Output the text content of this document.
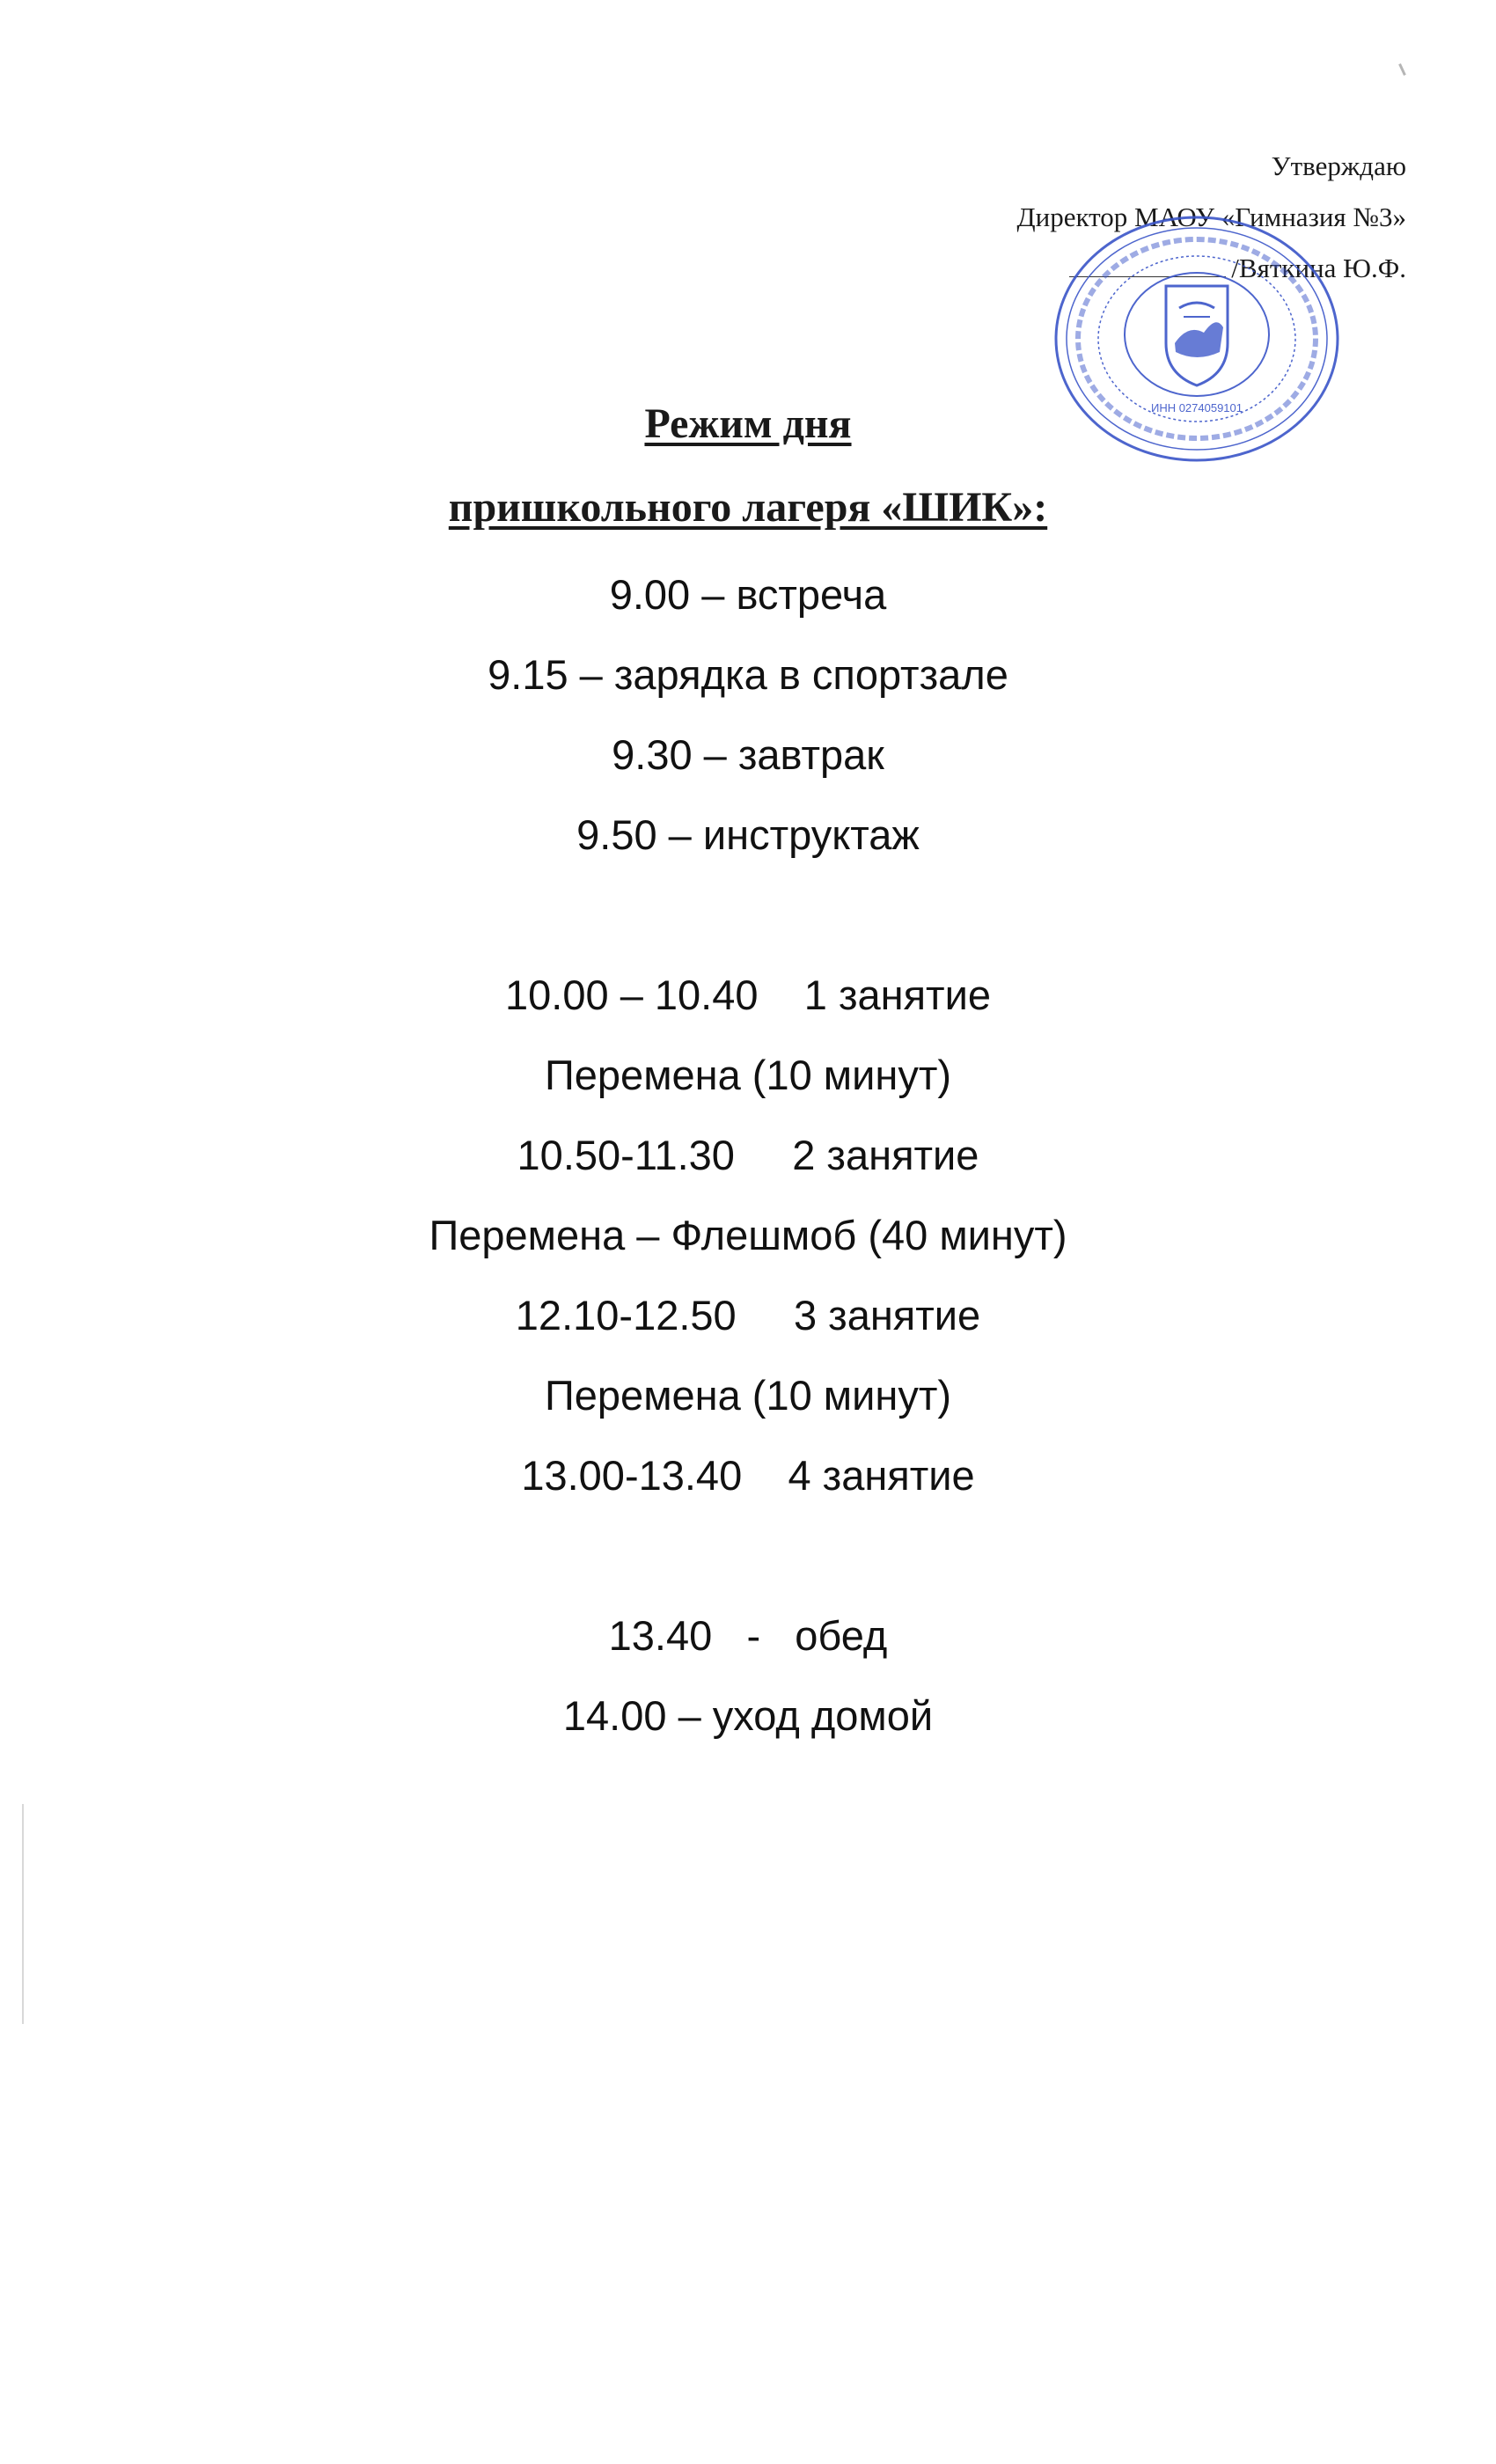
Утверждаю
Директор МАОУ «Гимназия №3»
/Вяткина Ю.Ф.
ИНН 0274059101
Режим дня
пришкольного лагеря «ШИК»:
9.00 – встреча
9.15 – зарядка в спортзале
9.30 – завтрак
9.50 – инструктаж
10.00 – 10.40    1 занятие
Перемена (10 минут)
10.50-11.30     2 занятие
Перемена – Флешмоб (40 минут)
12.10-12.50     3 занятие
Перемена (10 минут)
13.00-13.40    4 занятие
13.40   -   обед
14.00 – уход домой
